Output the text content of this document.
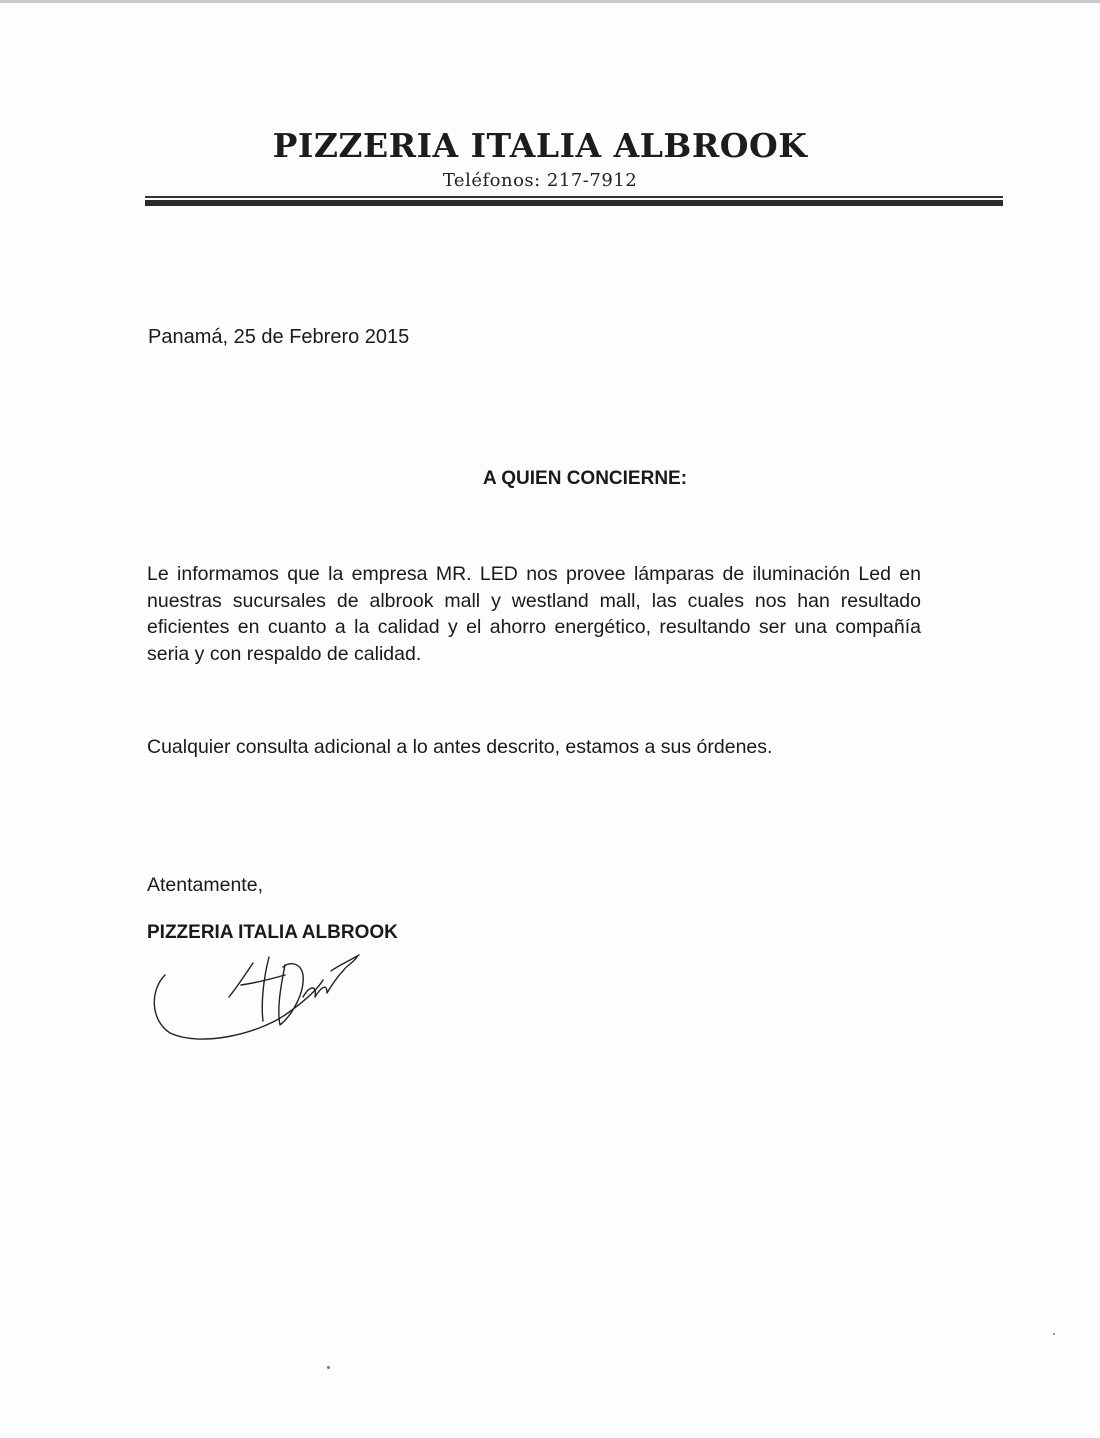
PIZZERIA ITALIA ALBROOK
Teléfonos: 217-7912
Panamá, 25 de Febrero 2015
A QUIEN CONCIERNE:
Le informamos que la empresa MR. LED nos provee lámparas de iluminación Led en nuestras sucursales de albrook mall y westland mall, las cuales nos han resultado eficientes en cuanto a la calidad y el ahorro energético, resultando ser una compañía seria y con respaldo de calidad.
Cualquier consulta adicional a lo antes descrito, estamos a sus órdenes.
Atentamente,
PIZZERIA ITALIA ALBROOK
